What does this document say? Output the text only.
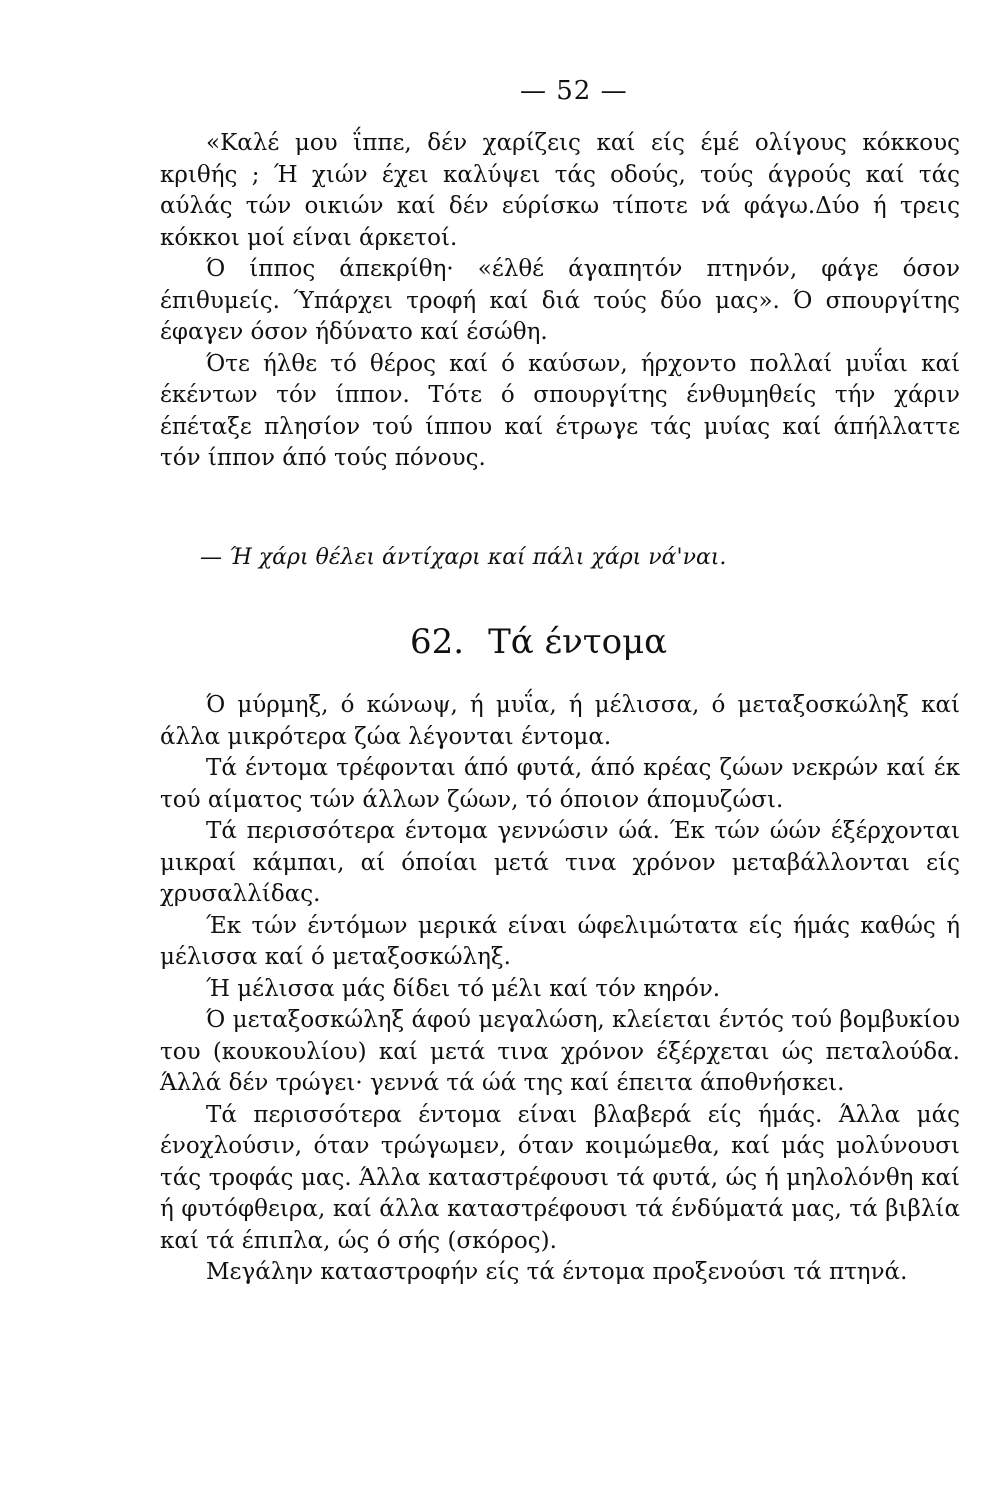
— 52 —

«Καλέ μου ΐππε, δέν χαρίζεις καί είς έμέ ολίγους κόκκους κριθής ; Ή χιών έχει καλύψει τάς οδούς, τούς άγρούς καί τάς αύλάς τών οικιών καί δέν εύρίσκω τίποτε νά φάγω.Δύο ή τρεις κόκκοι μοί είναι άρκετοί.

Ό ίππος άπεκρίθη· «έλθέ άγαπητόν πτηνόν, φάγε όσον έπιθυμείς. Ύπάρχει τροφή καί διά τούς δύο μας». Ό σπουργίτης έφαγεν όσον ήδύνατο καί έσώθη.

Ότε ήλθε τό θέρος καί ό καύσων, ήρχοντο πολλαί μυΐαι καί έκέντων τόν ίππον. Τότε ό σπουργίτης ένθυμηθείς τήν χάριν έπέταξε πλησίον τού ίππου καί έτρωγε τάς μυίας καί άπήλλαττε τόν ίππον άπό τούς πόνους.

— Ή χάρι θέλει άντίχαρι καί πάλι χάρι νά'ναι.
62. Τά έντομα

Ό μύρμηξ, ό κώνωψ, ή μυΐα, ή μέλισσα, ό μεταξοσκώληξ καί άλλα μικρότερα ζώα λέγονται έντομα.

Τά έντομα τρέφονται άπό φυτά, άπό κρέας ζώων νεκρών καί έκ τού αίματος τών άλλων ζώων, τό όποιον άπομυζώσι.

Τά περισσότερα έντομα γεννώσιν ώά. Έκ τών ώών έξέρχονται μικραί κάμπαι, αί όποίαι μετά τινα χρόνον μεταβάλλονται είς χρυσαλλίδας.

Έκ τών έντόμων μερικά είναι ώφελιμώτατα είς ήμάς καθώς ή μέλισσα καί ό μεταξοσκώληξ.

Ή μέλισσα μάς δίδει τό μέλι καί τόν κηρόν.

Ό μεταξοσκώληξ άφού μεγαλώση, κλείεται έντός τού βομβυκίου του (κουκουλίου) καί μετά τινα χρόνον έξέρχεται ώς πεταλούδα. Άλλά δέν τρώγει· γεννά τά ώά της καί έπειτα άποθνήσκει.

Τά περισσότερα έντομα είναι βλαβερά είς ήμάς. Άλλα μάς ένοχλούσιν, όταν τρώγωμεν, όταν κοιμώμεθα, καί μάς μολύνουσι τάς τροφάς μας. Άλλα καταστρέφουσι τά φυτά, ώς ή μηλολόνθη καί ή φυτόφθειρα, καί άλλα καταστρέφουσι τά ένδύματά μας, τά βιβλία καί τά έπιπλα, ώς ό σής (σκόρος).

Μεγάλην καταστροφήν είς τά έντομα προξενούσι τά πτηνά.
